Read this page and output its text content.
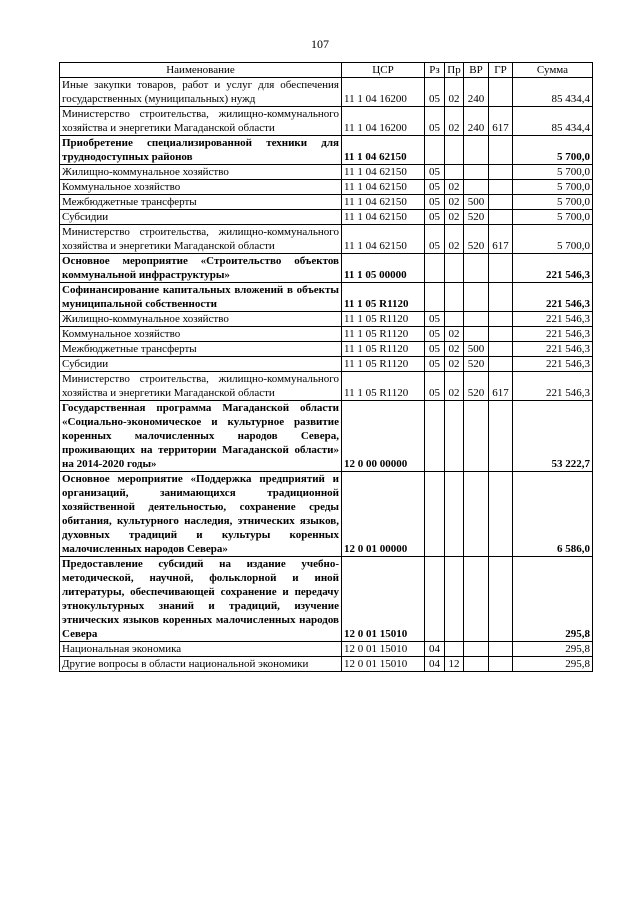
107
Наименование	ЦСР	Рз	Пр	ВР	ГР	Сумма
Иные закупки товаров, работ и услуг для обеспечения государственных (муниципальных) нужд	11 1 04 16200	05	02	240		85 434,4
Министерство строительства, жилищно-коммунального хозяйства и энергетики Магаданской области	11 1 04 16200	05	02	240	617	85 434,4
Приобретение специализированной техники для труднодоступных районов	11 1 04 62150					5 700,0
Жилищно-коммунальное хозяйство	11 1 04 62150	05				5 700,0
Коммунальное хозяйство	11 1 04 62150	05	02			5 700,0
Межбюджетные трансферты	11 1 04 62150	05	02	500		5 700,0
Субсидии	11 1 04 62150	05	02	520		5 700,0
Министерство строительства, жилищно-коммунального хозяйства и энергетики Магаданской области	11 1 04 62150	05	02	520	617	5 700,0
Основное мероприятие «Строительство объектов коммунальной инфраструктуры»	11 1 05 00000					221 546,3
Софинансирование капитальных вложений в объекты муниципальной собственности	11 1 05 R1120					221 546,3
Жилищно-коммунальное хозяйство	11 1 05 R1120	05				221 546,3
Коммунальное хозяйство	11 1 05 R1120	05	02			221 546,3
Межбюджетные трансферты	11 1 05 R1120	05	02	500		221 546,3
Субсидии	11 1 05 R1120	05	02	520		221 546,3
Министерство строительства, жилищно-коммунального хозяйства и энергетики Магаданской области	11 1 05 R1120	05	02	520	617	221 546,3
Государственная программа Магаданской области «Социально-экономическое и культурное развитие коренных малочисленных народов Севера, проживающих на территории Магаданской области» на 2014-2020 годы»	12 0 00 00000					53 222,7
Основное мероприятие «Поддержка предприятий и организаций, занимающихся традиционной хозяйственной деятельностью, сохранение среды обитания, культурного наследия, этнических языков, духовных традиций и культуры коренных малочисленных народов Севера»	12 0 01 00000					6 586,0
Предоставление субсидий на издание учебно-методической, научной, фольклорной и иной литературы, обеспечивающей сохранение и передачу этнокультурных знаний и традиций, изучение этнических языков коренных малочисленных народов Севера	12 0 01 15010					295,8
Национальная экономика	12 0 01 15010	04				295,8
Другие вопросы в области национальной экономики	12 0 01 15010	04	12			295,8
